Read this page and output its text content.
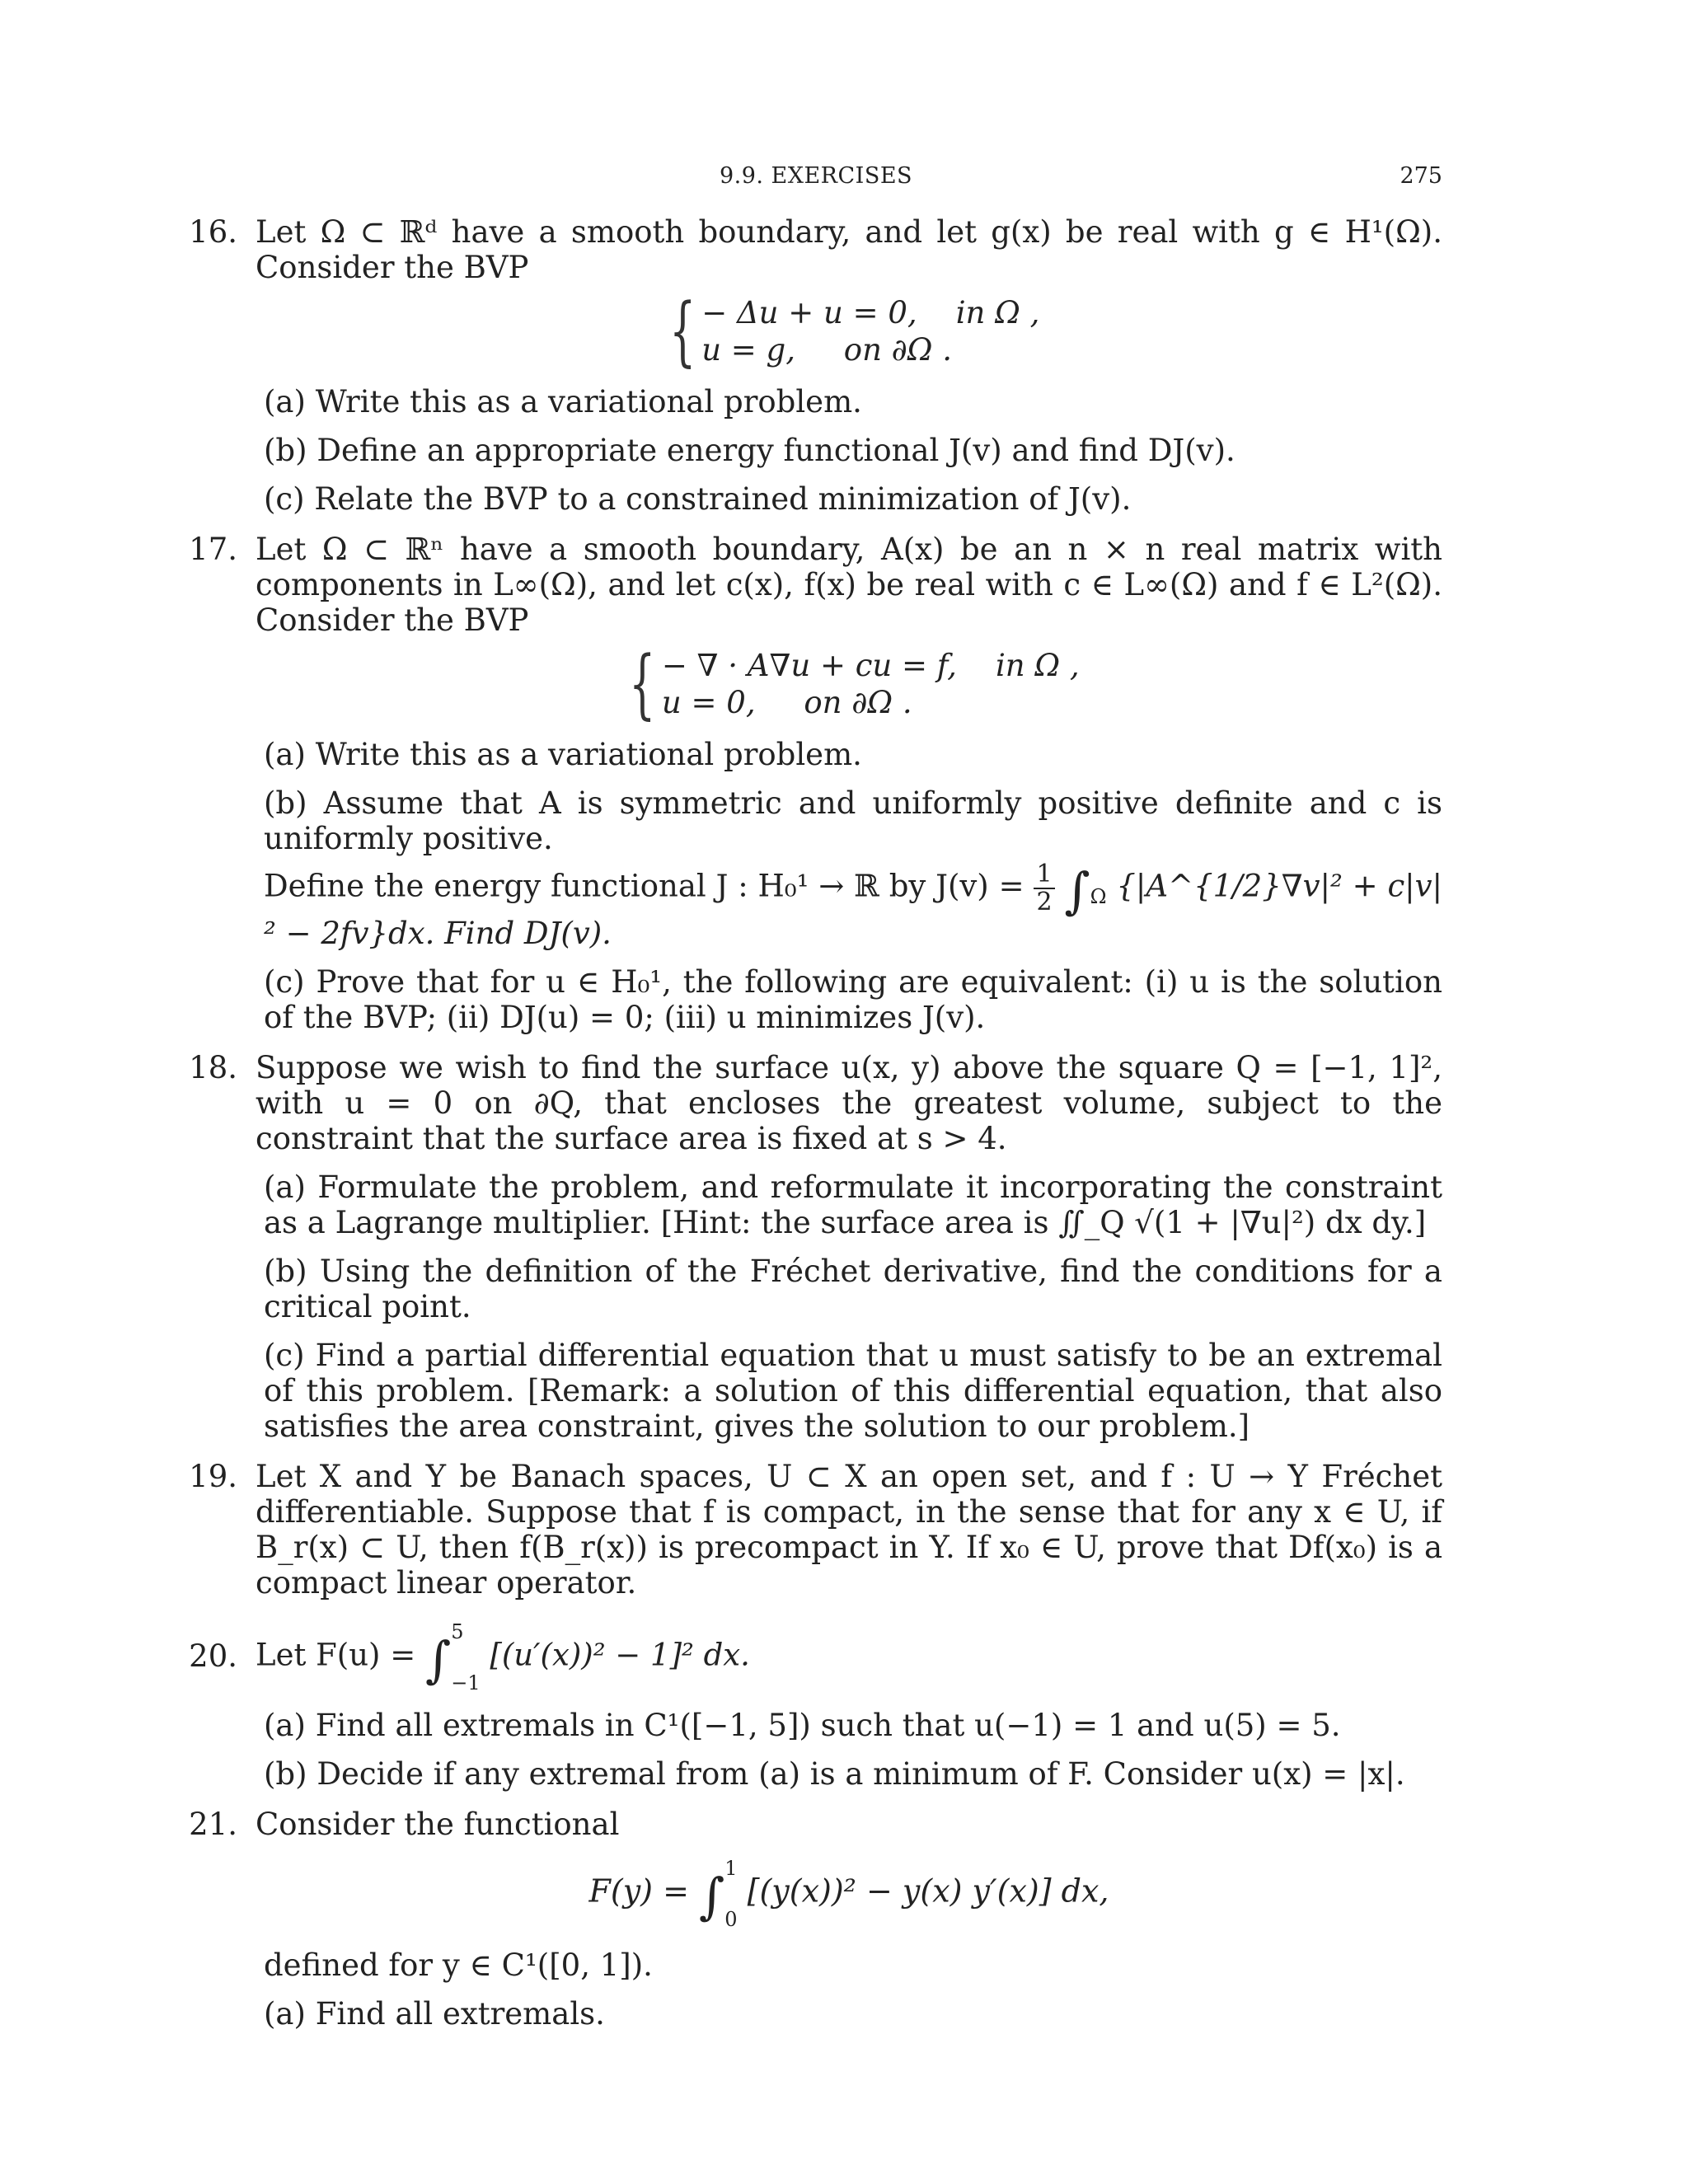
9.9. EXERCISES	275
16. Let Ω ⊂ ℝᵈ have a smooth boundary, and let g(x) be real with g ∈ H¹(Ω). Consider the BVP
{ − Δu + u = 0,    in Ω ,
u = g,     on ∂Ω .
(a) Write this as a variational problem.
(b) Define an appropriate energy functional J(v) and find DJ(v).
(c) Relate the BVP to a constrained minimization of J(v).
17. Let Ω ⊂ ℝⁿ have a smooth boundary, A(x) be an n × n real matrix with components in L∞(Ω), and let c(x), f(x) be real with c ∈ L∞(Ω) and f ∈ L²(Ω). Consider the BVP
{ − ∇ · A∇u + cu = f,    in Ω ,
u = 0,     on ∂Ω .
(a) Write this as a variational problem.
(b) Assume that A is symmetric and uniformly positive definite and c is uniformly positive.
Define the energy functional J : H₀¹ → ℝ by $J(v) = \frac{1}{2} \int_\Omega$ {|A^{1/2}∇v|² + c|v|² − 2fv}dx. Find DJ(v).
(c) Prove that for u ∈ H₀¹, the following are equivalent: (i) u is the solution of the BVP; (ii) DJ(u) = 0; (iii) u minimizes J(v).
18. Suppose we wish to find the surface u(x, y) above the square Q = [−1, 1]², with u = 0 on ∂Q, that encloses the greatest volume, subject to the constraint that the surface area is fixed at s > 4.
(a) Formulate the problem, and reformulate it incorporating the constraint as a Lagrange multiplier. [Hint: the surface area is ∬_Q √(1 + |∇u|²) dx dy.]
(b) Using the definition of the Fréchet derivative, find the conditions for a critical point.
(c) Find a partial differential equation that u must satisfy to be an extremal of this problem. [Remark: a solution of this differential equation, that also satisfies the area constraint, gives the solution to our problem.]
19. Let X and Y be Banach spaces, U ⊂ X an open set, and f : U → Y Fréchet differentiable. Suppose that f is compact, in the sense that for any x ∈ U, if B_r(x) ⊂ U, then f(B_r(x)) is precompact in Y. If x₀ ∈ U, prove that Df(x₀) is a compact linear operator.
20. Let F(u) = ∫ 5
−1
[(u′(x))² − 1]² dx.
(a) Find all extremals in C¹([−1, 5]) such that u(−1) = 1 and u(5) = 5.
(b) Decide if any extremal from (a) is a minimum of F. Consider u(x) = |x|.
21. Consider the functional
F(y) = ∫ 1
0
[(y(x))² − y(x) y′(x)] dx,
defined for y ∈ C¹([0, 1]).
(a) Find all extremals.
